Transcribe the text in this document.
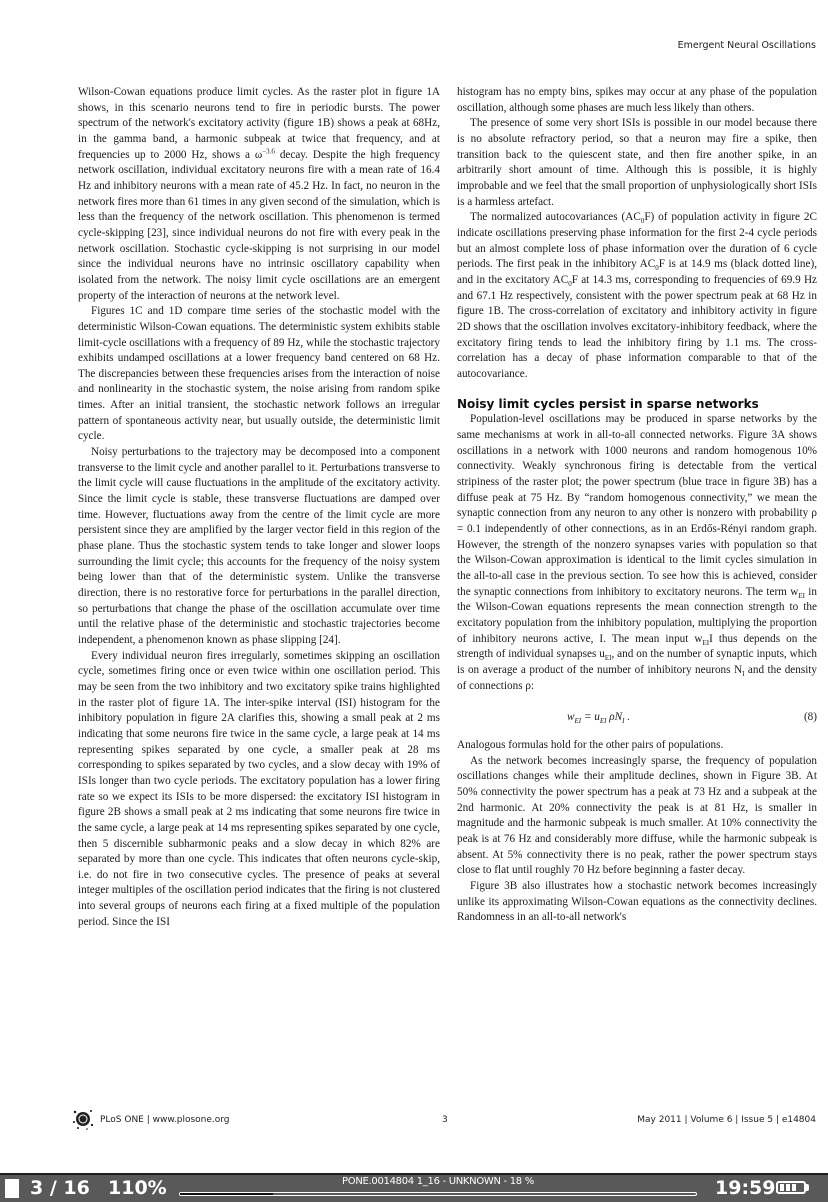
Emergent Neural Oscillations

Wilson-Cowan equations produce limit cycles. As the raster plot in figure 1A shows, in this scenario neurons tend to fire in periodic bursts. The power spectrum of the network's excitatory activity (figure 1B) shows a peak at 68Hz, in the gamma band, a harmonic subpeak at twice that frequency, and at frequencies up to 2000 Hz, shows a $\omega^{-3.6}$ decay. Despite the high frequency network oscillation, individual excitatory neurons fire with a mean rate of 16.4 Hz and inhibitory neurons with a mean rate of 45.2 Hz. In fact, no neuron in the network fires more than 61 times in any given second of the simulation, which is less than the frequency of the network oscillation. This phenomenon is termed cycle-skipping [23], since individual neurons do not fire with every peak in the network oscillation. Stochastic cycle-skipping is not surprising in our model since the individual neurons have no intrinsic oscillatory capability when isolated from the network. The noisy limit cycle oscillations are an emergent property of the interaction of neurons at the network level.

Figures 1C and 1D compare time series of the stochastic model with the deterministic Wilson-Cowan equations. The deterministic system exhibits stable limit-cycle oscillations with a frequency of 89 Hz, while the stochastic trajectory exhibits undamped oscillations at a lower frequency band centered on 68 Hz. The discrepancies between these frequencies arises from the interaction of noise and nonlinearity in the stochastic system, the noise arising from random spike times. After an initial transient, the stochastic network follows an irregular pattern of spontaneous activity near, but usually outside, the deterministic limit cycle.

Noisy perturbations to the trajectory may be decomposed into a component transverse to the limit cycle and another parallel to it. Perturbations transverse to the limit cycle will cause fluctuations in the amplitude of the excitatory activity. Since the limit cycle is stable, these transverse fluctuations are damped over time. However, fluctuations away from the centre of the limit cycle are more persistent since they are amplified by the larger vector field in this region of the phase plane. Thus the stochastic system tends to take longer and slower loops surrounding the limit cycle; this accounts for the frequency of the noisy system being lower than that of the deterministic system. Unlike the transverse direction, there is no restorative force for perturbations in the parallel direction, so perturbations that change the phase of the oscillation accumulate over time until the relative phase of the deterministic and stochastic trajectories become independent, a phenomenon known as phase slipping [24].

Every individual neuron fires irregularly, sometimes skipping an oscillation cycle, sometimes firing once or even twice within one oscillation period. This may be seen from the two inhibitory and two excitatory spike trains highlighted in the raster plot of figure 1A. The inter-spike interval (ISI) histogram for the inhibitory population in figure 2A clarifies this, showing a small peak at 2 ms indicating that some neurons fire twice in the same cycle, a large peak at 14 ms representing spikes separated by one cycle, a smaller peak at 28 ms corresponding to spikes separated by two cycles, and a slow decay with 19% of ISIs longer than two cycle periods. The excitatory population has a lower firing rate so we expect its ISIs to be more dispersed: the excitatory ISI histogram in figure 2B shows a small peak at 2 ms indicating that some neurons fire twice in the same cycle, a large peak at 14 ms representing spikes separated by one cycle, then 5 discernible subharmonic peaks and a slow decay in which 82% are separated by more than one cycle. This indicates that often neurons cycle-skip, i.e. do not fire in two consecutive cycles. The presence of peaks at several integer multiples of the oscillation period indicates that the firing is not clustered into several groups of neurons each firing at a fixed multiple of the population period. Since the ISI

histogram has no empty bins, spikes may occur at any phase of the population oscillation, although some phases are much less likely than others.

The presence of some very short ISIs is possible in our model because there is no absolute refractory period, so that a neuron may fire a spike, then transition back to the quiescent state, and then fire another spike, in an arbitrarily short amount of time. Although this is possible, it is highly improbable and we feel that the small proportion of unphysiologically short ISIs is a harmless artefact.

The normalized autocovariances $(AC_0F)$ of population activity in figure 2C indicate oscillations preserving phase information for the first 2-4 cycle periods but an almost complete loss of phase information over the duration of 6 cycle periods. The first peak in the inhibitory $AC_0F$ is at 14.9 ms (black dotted line), and in the excitatory $AC_0F$ at 14.3 ms, corresponding to frequencies of 69.9 Hz and 67.1 Hz respectively, consistent with the power spectrum peak at 68 Hz in figure 1B. The cross-correlation of excitatory and inhibitory activity in figure 2D shows that the oscillation involves excitatory-inhibitory feedback, where the excitatory firing tends to lead the inhibitory firing by 1.1 ms. The cross-correlation has a decay of phase information comparable to that of the autocovariance.

Noisy limit cycles persist in sparse networks

Population-level oscillations may be produced in sparse networks by the same mechanisms at work in all-to-all connected networks. Figure 3A shows oscillations in a network with 1000 neurons and random homogenous 10% connectivity. Weakly synchronous firing is detectable from the vertical stripiness of the raster plot; the power spectrum (blue trace in figure 3B) has a diffuse peak at 75 Hz. By “random homogenous connectivity,” we mean the synaptic connection from any neuron to any other is nonzero with probability ρ = 0.1 independently of other connections, as in an Erdős-Rényi random graph. However, the strength of the nonzero synapses varies with population so that the Wilson-Cowan approximation is identical to the limit cycles simulation in the all-to-all case in the previous section. To see how this is achieved, consider the synaptic connections from inhibitory to excitatory neurons. The term $w_{EI}$ in the Wilson-Cowan equations represents the mean connection strength to the excitatory population from the inhibitory population, multiplying the proportion of inhibitory neurons active, I. The mean input $w_{EI}I$ thus depends on the strength of individual synapses $u_{EI}$, and on the number of synaptic inputs, which is on average a product of the number of inhibitory neurons $N_I$ and the density of connections ρ:

$w_{EI} = u_{EI}$ $\rho N_I$ .	(8)

Analogous formulas hold for the other pairs of populations.

As the network becomes increasingly sparse, the frequency of population oscillations changes while their amplitude declines, shown in Figure 3B. At 50% connectivity the power spectrum has a peak at 73 Hz and a subpeak at the 2nd harmonic. At 20% connectivity the peak is at 81 Hz, is smaller in magnitude and the harmonic subpeak is much smaller. At 10% connectivity the peak is at 76 Hz and considerably more diffuse, while the harmonic subpeak is absent. At 5% connectivity there is no peak, rather the power spectrum stays close to flat until roughly 70 Hz before beginning a faster decay.

Figure 3B also illustrates how a stochastic network becomes increasingly unlike its approximating Wilson-Cowan equations as the connectivity declines. Randomness in an all-to-all network's

PLoS ONE | www.plosone.org	3	May 2011 | Volume 6 | Issue 5 | e14804
3 / 16 110%	PONE.0014804 1_16 - UNKNOWN - 18 %	19:59
